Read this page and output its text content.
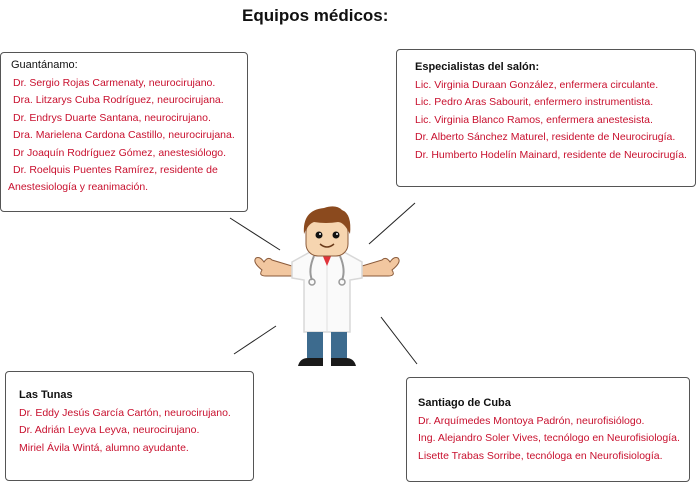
Equipos médicos:
Guantánamo:
Dr. Sergio Rojas Carmenaty, neurocirujano.
Dra. Litzarys Cuba Rodríguez, neurocirujana.
Dr. Endrys Duarte Santana, neurocirujano.
Dra. Marielena Cardona Castillo, neurocirujana.
Dr Joaquín Rodríguez Gómez, anestesiólogo.
Dr. Roelquis Puentes Ramírez, residente de
Anestesiología y reanimación.
Especialistas del salón:
Lic. Virginia Duraan González, enfermera circulante.
Lic. Pedro Aras Sabourit, enfermero instrumentista.
Lic. Virginia Blanco Ramos, enfermera anestesista.
Dr. Alberto Sánchez Maturel, residente de Neurocirugía.
Dr. Humberto Hodelín Mainard, residente de Neurocirugía.
Las Tunas
Dr. Eddy Jesús García Cartón, neurocirujano.
Dr. Adrián Leyva Leyva, neurocirujano.
Miriel Ávila Wintá, alumno ayudante.
Santiago de Cuba
Dr. Arquímedes Montoya Padrón, neurofisiólogo.
Ing. Alejandro Soler Vives, tecnólogo en Neurofisiología.
Lisette Trabas Sorribe, tecnóloga en Neurofisiología.
